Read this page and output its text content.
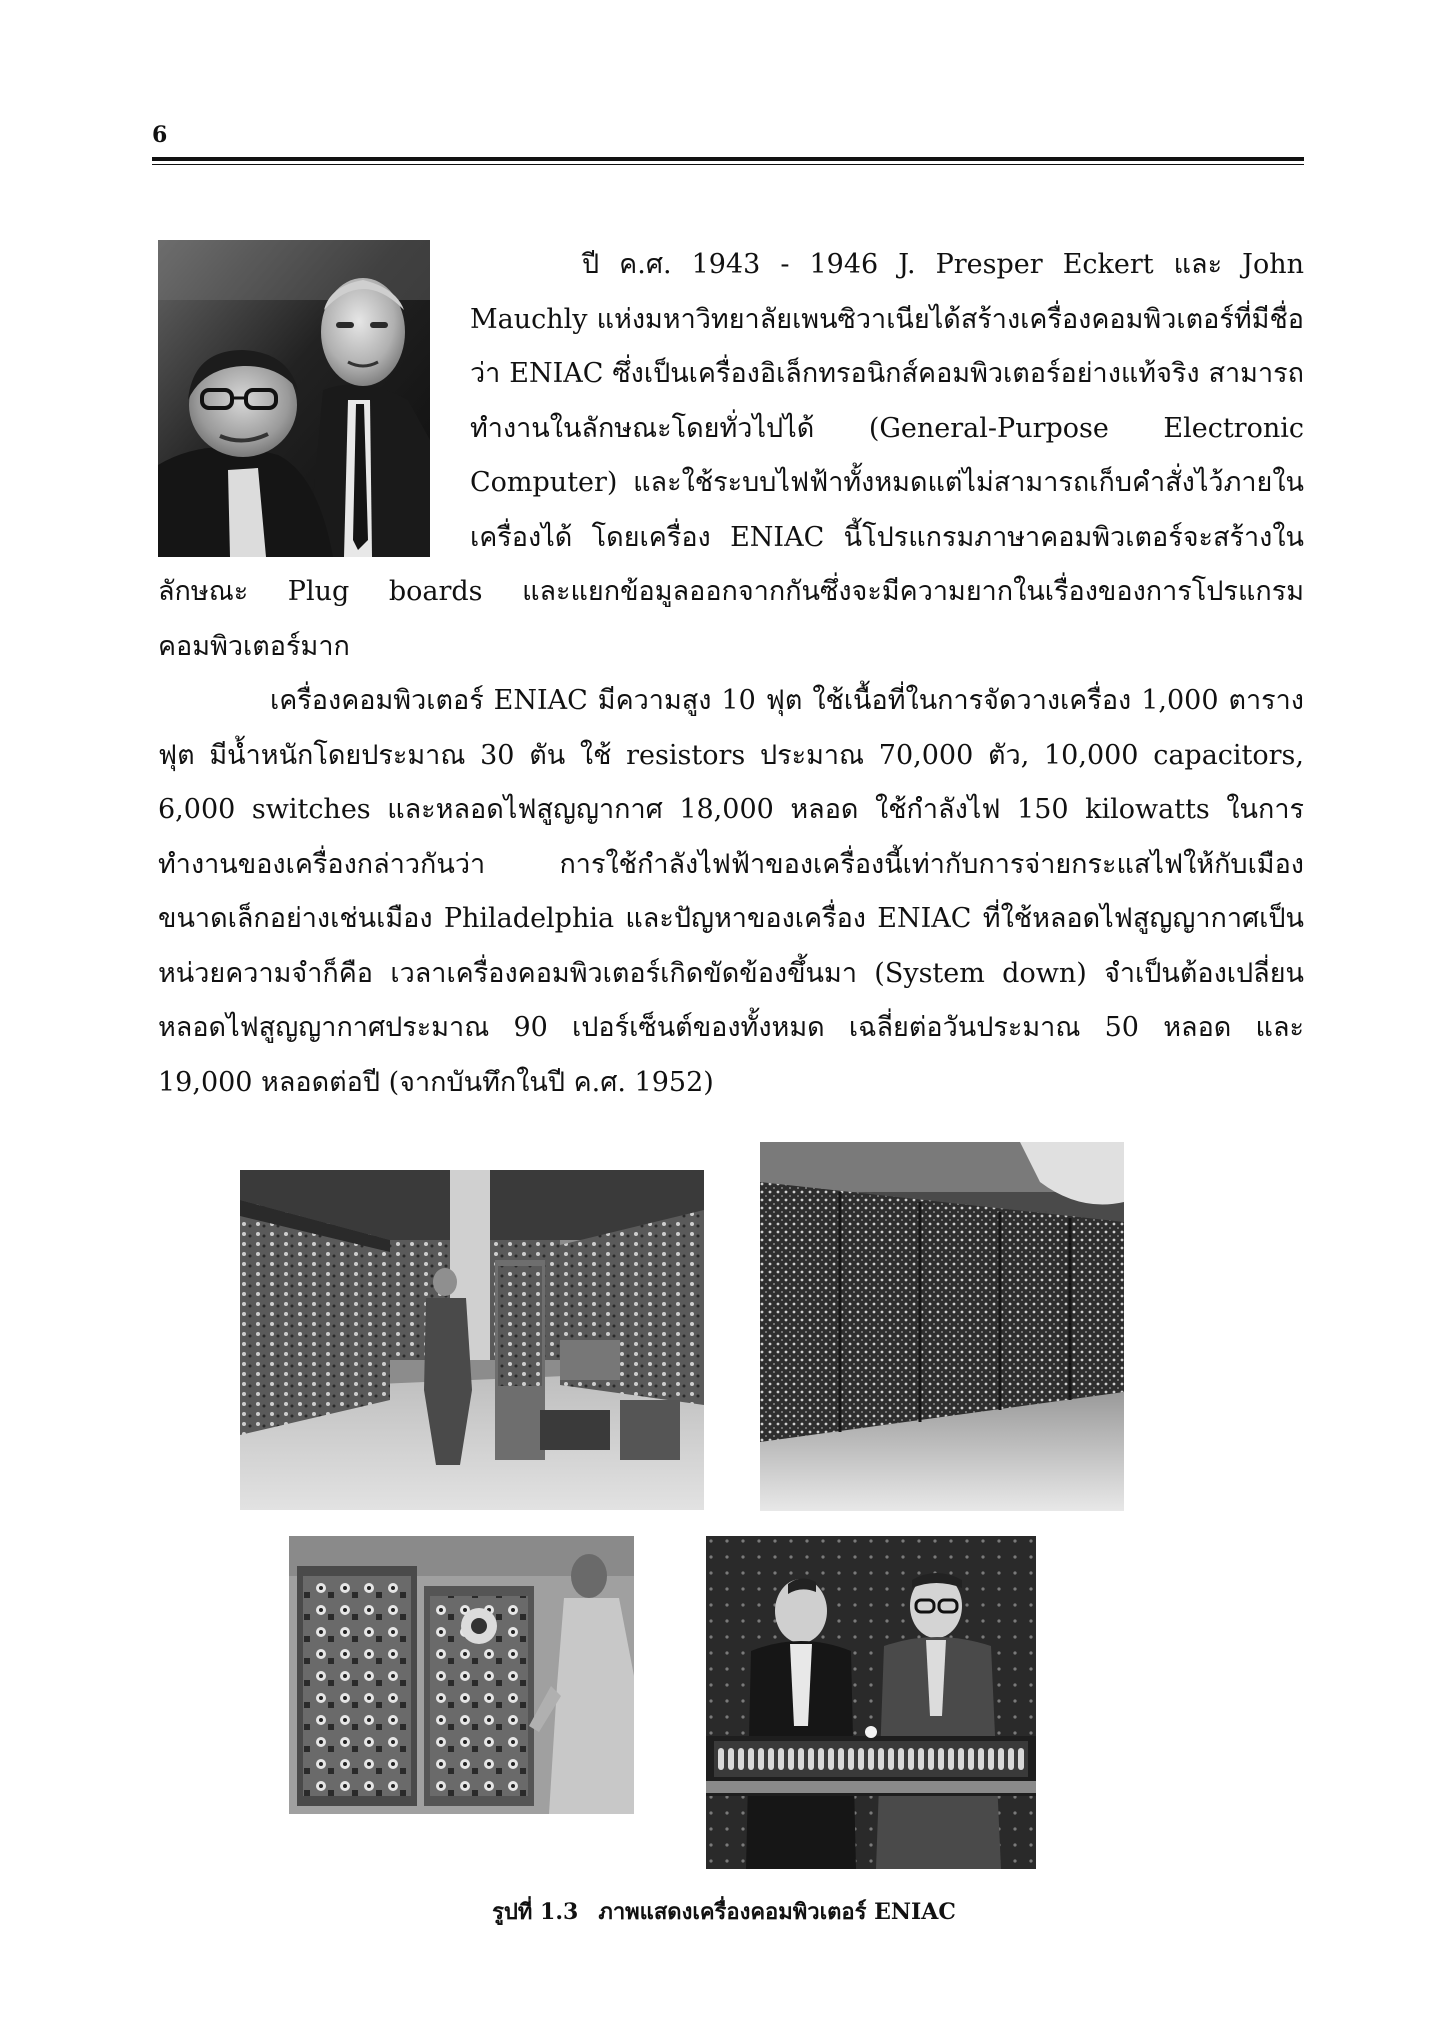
6

ปี ค.ศ. 1943 - 1946 J. Presper Eckert และ John Mauchly แห่งมหาวิทยาลัยเพนซิวาเนียได้สร้างเครื่องคอมพิวเตอร์ที่มีชื่อว่า ENIAC ซึ่งเป็นเครื่องอิเล็กทรอนิกส์คอมพิวเตอร์อย่างแท้จริง สามารถทำงานในลักษณะโดยทั่วไปได้ (General-Purpose Electronic Computer) และใช้ระบบไฟฟ้าทั้งหมดแต่ไม่สามารถเก็บคำสั่งไว้ภายในเครื่องได้ โดยเครื่อง ENIAC นี้โปรแกรมภาษาคอมพิวเตอร์จะสร้างในลักษณะ Plug boards และแยกข้อมูลออกจากกันซึ่งจะมีความยากในเรื่องของการโปรแกรมคอมพิวเตอร์มาก

เครื่องคอมพิวเตอร์ ENIAC มีความสูง 10 ฟุต ใช้เนื้อที่ในการจัดวางเครื่อง 1,000 ตารางฟุต มีน้ำหนักโดยประมาณ 30 ตัน ใช้ resistors ประมาณ 70,000 ตัว, 10,000 capacitors, 6,000 switches และหลอดไฟสูญญากาศ 18,000 หลอด ใช้กำลังไฟ 150 kilowatts ในการทำงานของเครื่องกล่าวกันว่า การใช้กำลังไฟฟ้าของเครื่องนี้เท่ากับการจ่ายกระแสไฟให้กับเมืองขนาดเล็กอย่างเช่นเมือง Philadelphia และปัญหาของเครื่อง ENIAC ที่ใช้หลอดไฟสูญญากาศเป็นหน่วยความจำก็คือ เวลาเครื่องคอมพิวเตอร์เกิดขัดข้องขึ้นมา (System down) จำเป็นต้องเปลี่ยนหลอดไฟสูญญากาศประมาณ 90 เปอร์เซ็นต์ของทั้งหมด เฉลี่ยต่อวันประมาณ 50 หลอด และ 19,000 หลอดต่อปี (จากบันทึกในปี ค.ศ. 1952)

รูปที่ 1.3 ภาพแสดงเครื่องคอมพิวเตอร์ ENIAC
